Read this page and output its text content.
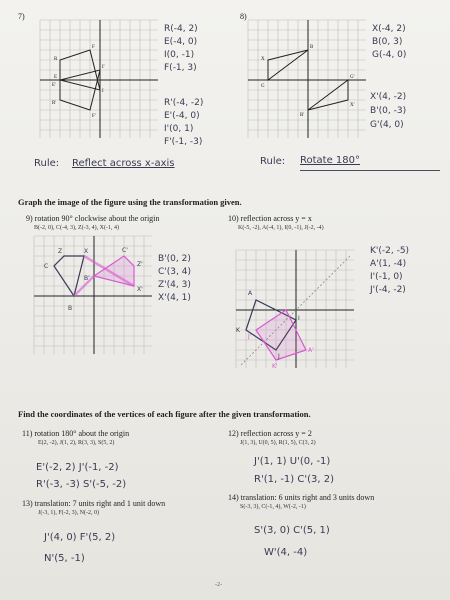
7)
R
E
I
F
R'
E'
I'
F'
R(-4, 2)
E(-4, 0)
I(0, -1)
F(-1, 3)
R'(-4, -2)
E'(-4, 0)
I'(0, 1)
F'(-1, -3)
Rule: Reflect across x-axis
8)
X
B
G
X'
B'
G'
X(-4, 2)
B(0, 3)
G(-4, 0)
X'(4, -2)
B'(0, -3)
G'(4, 0)
Rule: Rotate 180°
Graph the image of the figure using the transformation given.
9) rotation 90° clockwise about the origin
B(-2, 0), C(-4, 3), Z(-3, 4), X(-1, 4)
Z	X
C
B
B'
C'
Z'
X'
B'(0, 2)
C'(3, 4)
Z'(4, 3)
X'(4, 1)
10) reflection across y = x
K(-5, -2), A(-4, 1), I(0, -1), J(-2, -4)
A
K
I
J
J'
A'
K'
K'(-2, -5)
A'(1, -4)
I'(-1, 0)
J'(-4, -2)
Find the coordinates of the vertices of each figure after the given transformation.
11) rotation 180° about the origin
E(2, -2), J(1, 2), R(3, 3), S(5, 2)
E'(-2, 2) J'(-1, -2)
R'(-3, -3) S'(-5, -2)
12) reflection across y = 2
J(1, 3), U(0, 5), R(1, 5), C(3, 2)
J'(1, 1) U'(0, -1)
R'(1, -1) C'(3, 2)
13) translation: 7 units right and 1 unit down
J(-3, 1), F(-2, 3), N(-2, 0)
J'(4, 0) F'(5, 2)
N'(5, -1)
14) translation: 6 units right and 3 units down
S(-3, 3), C(-1, 4), W(-2, -1)
S'(3, 0) C'(5, 1)
W'(4, -4)
-2-
